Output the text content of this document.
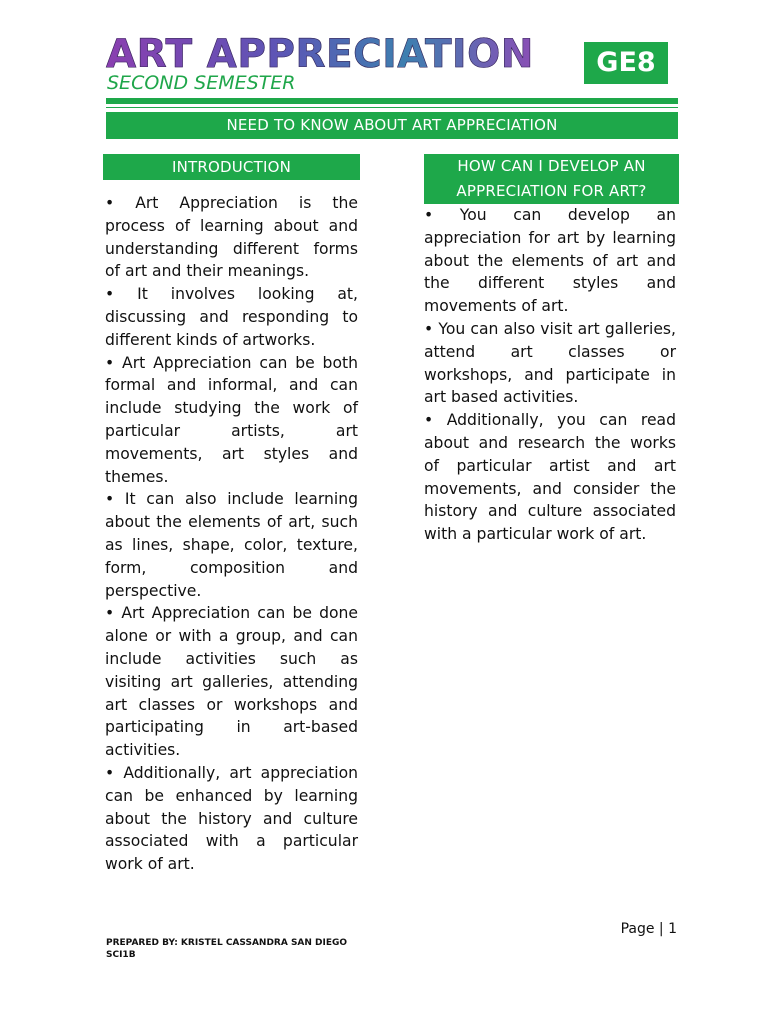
ART APPRECIATION
SECOND SEMESTER
GE8
NEED TO KNOW ABOUT ART APPRECIATION
INTRODUCTION	HOW CAN I DEVELOP AN
APPRECIATION FOR ART?

• Art Appreciation is the process of learning about and understanding different forms of art and their meanings.

• It involves looking at, discussing and responding to different kinds of artworks.

• Art Appreciation can be both formal and informal, and can include studying the work of particular artists, art movements, art styles and themes.

• It can also include learning about the elements of art, such as lines, shape, color, texture, form, composition and perspective.

• Art Appreciation can be done alone or with a group, and can include activities such as visiting art galleries, attending art classes or workshops and participating in art-based activities.

• Additionally, art appreciation can be enhanced by learning about the history and culture associated with a particular work of art.

• You can develop an appreciation for art by learning about the elements of art and the different styles and movements of art.

• You can also visit art galleries, attend art classes or workshops, and participate in art based activities.

• Additionally, you can read about and research the works of particular artist and art movements, and consider the history and culture associated with a particular work of art.

Page | 1
PREPARED BY: KRISTEL CASSANDRA SAN DIEGO
SCI1B
